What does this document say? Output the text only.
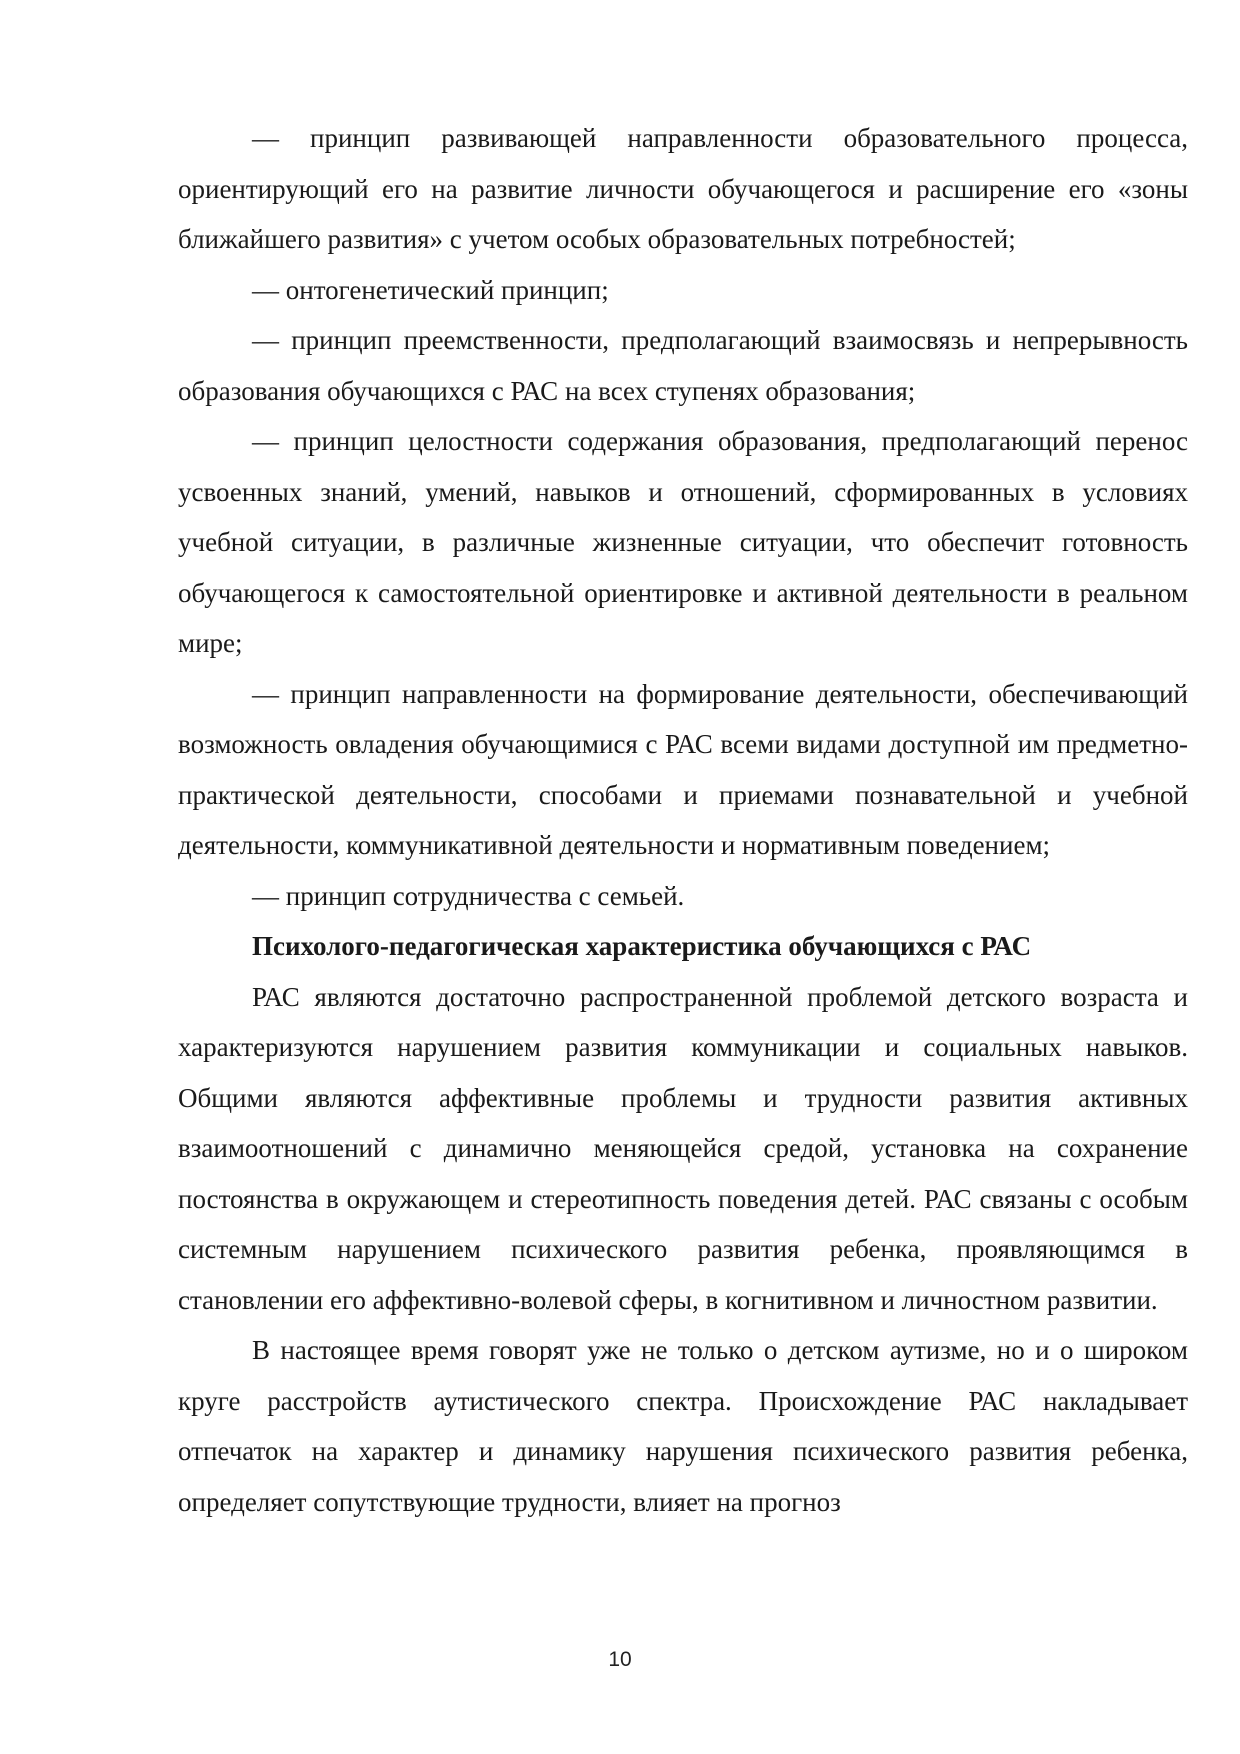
— принцип развивающей направленности образовательного процесса, ориентирующий его на развитие личности обучающегося и расширение его «зоны ближайшего развития» с учетом особых образовательных потребностей;

— онтогенетический принцип;

— принцип преемственности, предполагающий взаимосвязь и непрерывность образования обучающихся с РАС на всех ступенях образования;

— принцип целостности содержания образования, предполагающий перенос усвоенных знаний, умений, навыков и отношений, сформированных в условиях учебной ситуации, в различные жизненные ситуации, что обеспечит готовность обучающегося к самостоятельной ориентировке и активной деятельности в реальном мире;

— принцип направленности на формирование деятельности, обеспечивающий возможность овладения обучающимися с РАС всеми видами доступной им предметно-практической деятельности, способами и приемами познавательной и учебной деятельности, коммуникативной деятельности и нормативным поведением;

— принцип сотрудничества с семьей.

Психолого-педагогическая характеристика обучающихся с РАС

РАС являются достаточно распространенной проблемой детского возраста и характеризуются нарушением развития коммуникации и социальных навыков. Общими являются аффективные проблемы и трудности развития активных взаимоотношений с динамично меняющейся средой, установка на сохранение постоянства в окружающем и стереотипность поведения детей. РАС связаны с особым системным нарушением психического развития ребенка, проявляющимся в становлении его аффективно-волевой сферы, в когнитивном и личностном развитии.

В настоящее время говорят уже не только о детском аутизме, но и о широком круге расстройств аутистического спектра. Происхождение РАС накладывает отпечаток на характер и динамику нарушения психического развития ребенка, определяет сопутствующие трудности, влияет на прогноз

10
